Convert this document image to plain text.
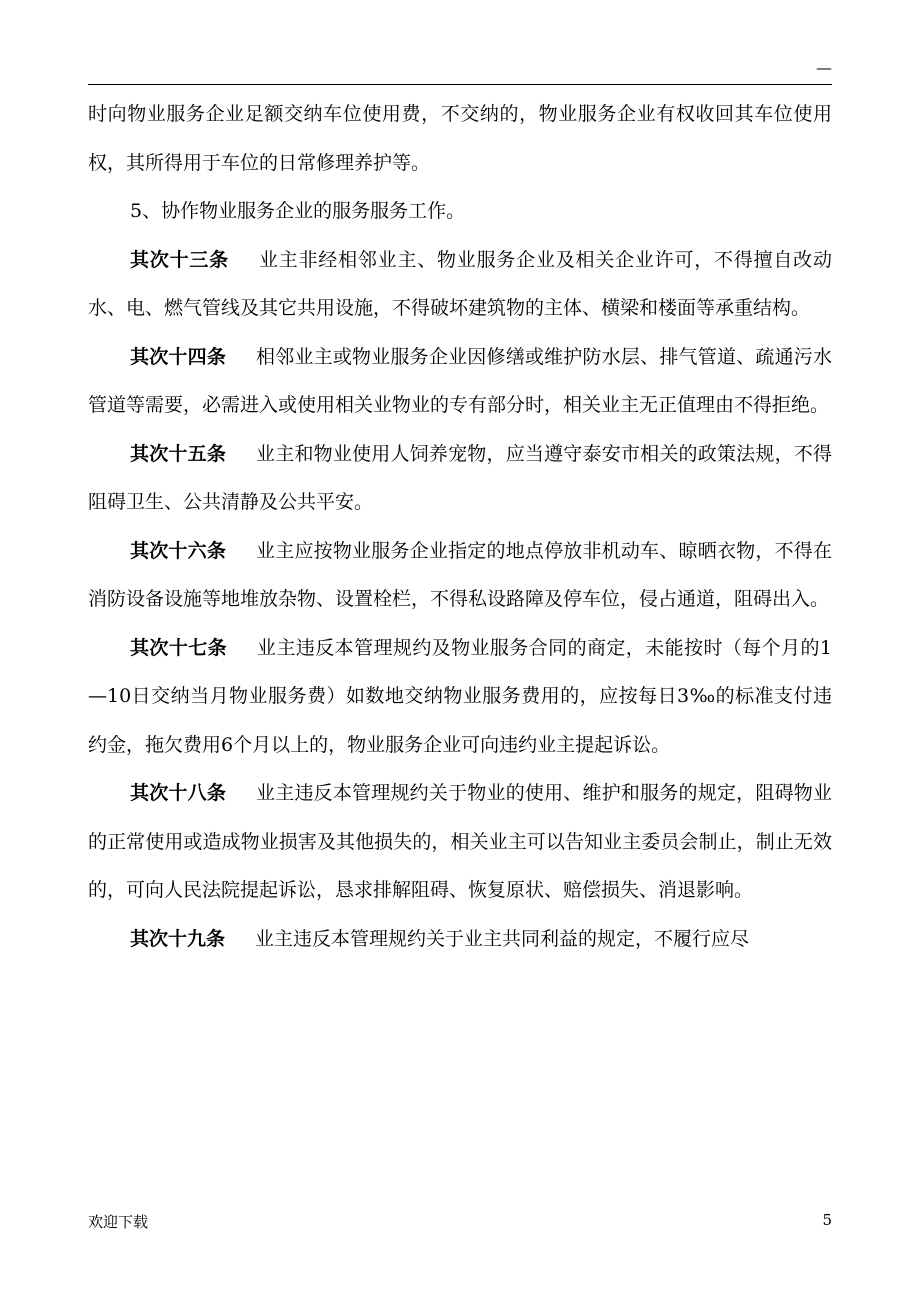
—

时向物业服务企业足额交纳车位使用费，不交纳的，物业服务企业有权收回其车位使用权，其所得用于车位的日常修理养护等。

5、协作物业服务企业的服务服务工作。

其次十三条 业主非经相邻业主、物业服务企业及相关企业许可，不得擅自改动水、电、燃气管线及其它共用设施，不得破坏建筑物的主体、横梁和楼面等承重结构。

其次十四条 相邻业主或物业服务企业因修缮或维护防水层、排气管道、疏通污水管道等需要，必需进入或使用相关业物业的专有部分时，相关业主无正值理由不得拒绝。

其次十五条 业主和物业使用人饲养宠物，应当遵守泰安市相关的政策法规，不得阻碍卫生、公共清静及公共平安。

其次十六条 业主应按物业服务企业指定的地点停放非机动车、晾晒衣物，不得在消防设备设施等地堆放杂物、设置栓栏，不得私设路障及停车位，侵占通道，阻碍出入。

其次十七条 业主违反本管理规约及物业服务合同的商定，未能按时（每个月的1—10日交纳当月物业服务费）如数地交纳物业服务费用的，应按每日3‰的标准支付违约金，拖欠费用6个月以上的，物业服务企业可向违约业主提起诉讼。

其次十八条 业主违反本管理规约关于物业的使用、维护和服务的规定，阻碍物业的正常使用或造成物业损害及其他损失的，相关业主可以告知业主委员会制止，制止无效的，可向人民法院提起诉讼，恳求排解阻碍、恢复原状、赔偿损失、消退影响。

其次十九条 业主违反本管理规约关于业主共同利益的规定，不履行应尽

欢迎下载	5
